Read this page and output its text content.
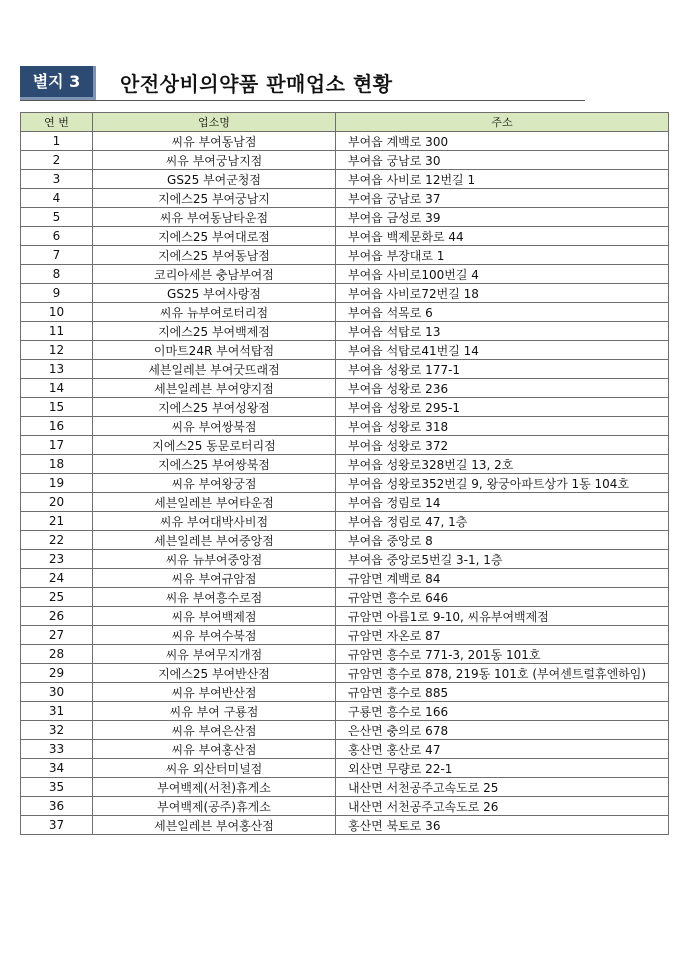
별지 3	안전상비의약품 판매업소 현황
연 번	업소명	주소
1	씨유 부여동남점	부여읍 계백로 300
2	씨유 부여궁남지점	부여읍 궁남로 30
3	GS25 부여군청점	부여읍 사비로 12번길 1
4	지에스25 부여궁남지	부여읍 궁남로 37
5	씨유 부여동남타운점	부여읍 금성로 39
6	지에스25 부여대로점	부여읍 백제문화로 44
7	지에스25 부여동남점	부여읍 부장대로 1
8	코리아세븐 충남부여점	부여읍 사비로100번길 4
9	GS25 부여사랑점	부여읍 사비로72번길 18
10	씨유 뉴부여로터리점	부여읍 석목로 6
11	지에스25 부여백제점	부여읍 석탑로 13
12	이마트24R 부여석탑점	부여읍 석탑로41번길 14
13	세븐일레븐 부여굿뜨래점	부여읍 성왕로 177-1
14	세븐일레븐 부여양지점	부여읍 성왕로 236
15	지에스25 부여성왕점	부여읍 성왕로 295-1
16	씨유 부여쌍북점	부여읍 성왕로 318
17	지에스25 동문로터리점	부여읍 성왕로 372
18	지에스25 부여쌍북점	부여읍 성왕로328번길 13, 2호
19	씨유 부여왕궁점	부여읍 성왕로352번길 9, 왕궁아파트상가 1동 104호
20	세븐일레븐 부여타운점	부여읍 정림로 14
21	씨유 부여대박사비점	부여읍 정림로 47, 1층
22	세븐일레븐 부여중앙점	부여읍 중앙로 8
23	씨유 뉴부여중앙점	부여읍 중앙로5번길 3-1, 1층
24	씨유 부여규암점	규암면 계백로 84
25	씨유 부여흥수로점	규암면 흥수로 646
26	씨유 부여백제점	규암면 아름1로 9-10, 씨유부여백제점
27	씨유 부여수북점	규암면 자온로 87
28	씨유 부여무지개점	규암면 흥수로 771-3, 201동 101호
29	지에스25 부여반산점	규암면 흥수로 878, 219동 101호 (부여센트럴휴엔하임)
30	씨유 부여반산점	규암면 흥수로 885
31	씨유 부여 구룡점	구룡면 흥수로 166
32	씨유 부여은산점	은산면 충의로 678
33	씨유 부여홍산점	홍산면 홍산로 47
34	씨유 외산터미널점	외산면 무량로 22-1
35	부여백제(서천)휴게소	내산면 서천공주고속도로 25
36	부여백제(공주)휴게소	내산면 서천공주고속도로 26
37	세븐일레븐 부여홍산점	홍산면 북토로 36
